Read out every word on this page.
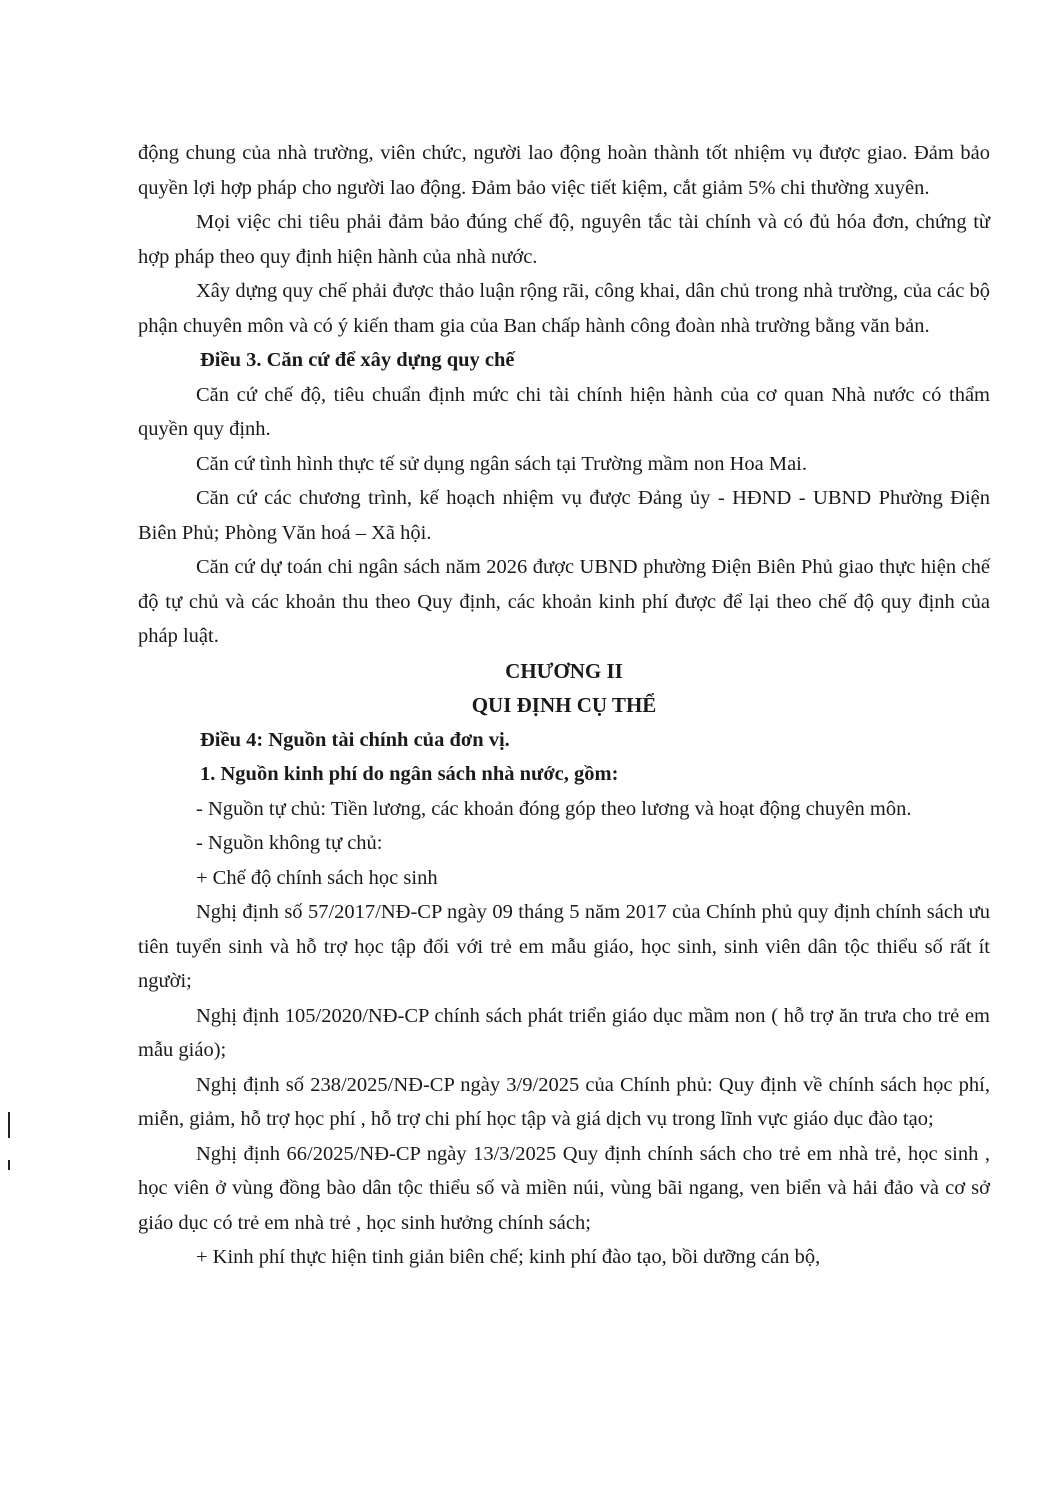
động chung của nhà trường, viên chức, người lao động hoàn thành tốt nhiệm vụ được giao. Đảm bảo quyền lợi hợp pháp cho người lao động. Đảm bảo việc tiết kiệm, cắt giảm 5% chi thường xuyên.

Mọi việc chi tiêu phải đảm bảo đúng chế độ, nguyên tắc tài chính và có đủ hóa đơn, chứng từ hợp pháp theo quy định hiện hành của nhà nước.

Xây dựng quy chế phải được thảo luận rộng rãi, công khai, dân chủ trong nhà trường, của các bộ phận chuyên môn và có ý kiến tham gia của Ban chấp hành công đoàn nhà trường bằng văn bản.

Điều 3. Căn cứ để xây dựng quy chế

Căn cứ chế độ, tiêu chuẩn định mức chi tài chính hiện hành của cơ quan Nhà nước có thẩm quyền quy định.

Căn cứ tình hình thực tế sử dụng ngân sách tại Trường mầm non Hoa Mai.

Căn cứ các chương trình, kế hoạch nhiệm vụ được Đảng ủy - HĐND - UBND Phường Điện Biên Phủ; Phòng Văn hoá – Xã hội.

Căn cứ dự toán chi ngân sách năm 2026 được UBND phường Điện Biên Phủ giao thực hiện chế độ tự chủ và các khoản thu theo Quy định, các khoản kinh phí được để lại theo chế độ quy định của pháp luật.

CHƯƠNG II

QUI ĐỊNH CỤ THỂ

Điều 4: Nguồn tài chính của đơn vị.

1. Nguồn kinh phí do ngân sách nhà nước, gồm:

- Nguồn tự chủ: Tiền lương, các khoản đóng góp theo lương và hoạt động chuyên môn.

- Nguồn không tự chủ:

+ Chế độ chính sách học sinh

Nghị định số 57/2017/NĐ-CP ngày 09 tháng 5 năm 2017 của Chính phủ quy định chính sách ưu tiên tuyển sinh và hỗ trợ học tập đối với trẻ em mẫu giáo, học sinh, sinh viên dân tộc thiểu số rất ít người;

Nghị định 105/2020/NĐ-CP chính sách phát triển giáo dục mầm non ( hỗ trợ ăn trưa cho trẻ em mẫu giáo);

Nghị định số 238/2025/NĐ-CP ngày 3/9/2025 của Chính phủ: Quy định về chính sách học phí, miễn, giảm, hỗ trợ học phí , hỗ trợ chi phí học tập và giá dịch vụ trong lĩnh vực giáo dục đào tạo;

Nghị định 66/2025/NĐ-CP ngày 13/3/2025 Quy định chính sách cho trẻ em nhà trẻ, học sinh , học viên ở vùng đồng bào dân tộc thiểu số và miền núi, vùng bãi ngang, ven biển và hải đảo và cơ sở giáo dục có trẻ em nhà trẻ , học sinh hưởng chính sách;

+ Kinh phí thực hiện tinh giản biên chế; kinh phí đào tạo, bồi dưỡng cán bộ,
